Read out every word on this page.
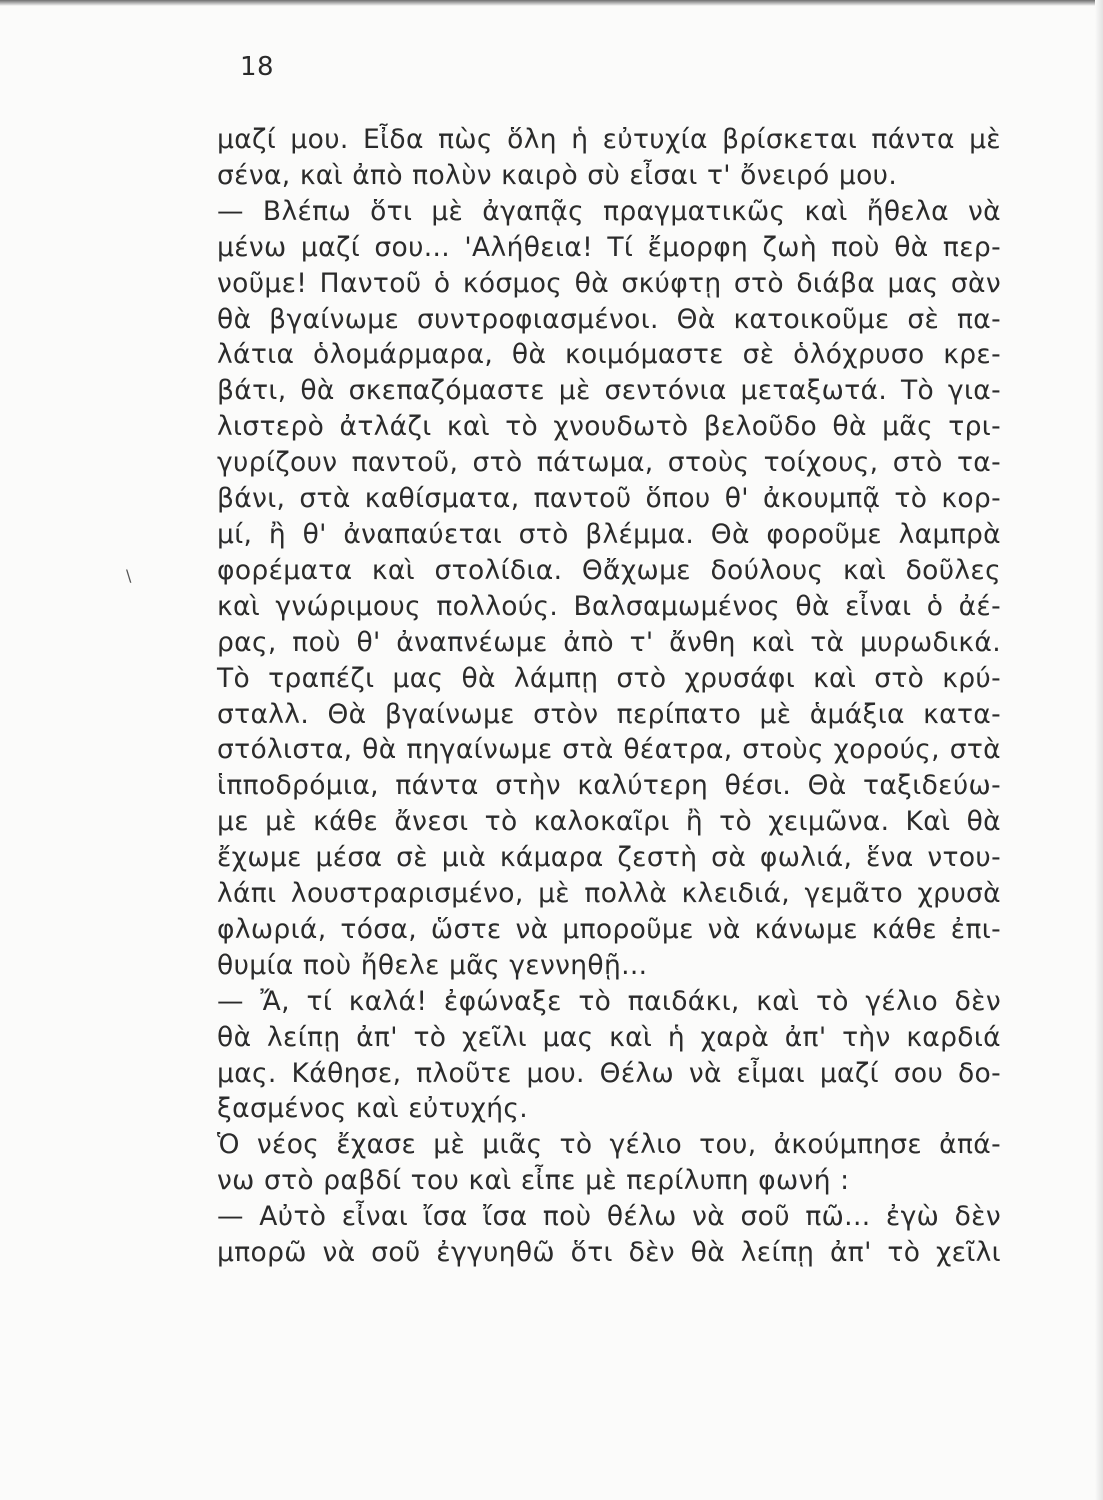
18
\
μαζί μου. Εἶδα πὼς ὅλη ἡ εὐτυχία βρίσκεται πάντα μὲ
σένα, καὶ ἀπὸ πολὺν καιρὸ σὺ εἶσαι τ' ὄνειρό μου.
— Βλέπω ὅτι μὲ ἀγαπᾷς πραγματικῶς καὶ ἤθελα νὰ
μένω μαζί σου... 'Αλήθεια! Τί ἔμορφη ζωὴ ποὺ θὰ περ-
νοῦμε! Παντοῦ ὁ κόσμος θὰ σκύφτῃ στὸ διάβα μας σὰν
θὰ βγαίνωμε συντροφιασμένοι. Θὰ κατοικοῦμε σὲ πα-
λάτια ὁλομάρμαρα, θὰ κοιμόμαστε σὲ ὁλόχρυσο κρε-
βάτι, θὰ σκεπαζόμαστε μὲ σεντόνια μεταξωτά. Τὸ για-
λιστερὸ ἀτλάζι καὶ τὸ χνουδωτὸ βελοῦδο θὰ μᾶς τρι-
γυρίζουν παντοῦ, στὸ πάτωμα, στοὺς τοίχους, στὸ τα-
βάνι, στὰ καθίσματα, παντοῦ ὅπου θ' ἀκουμπᾷ τὸ κορ-
μί, ἢ θ' ἀναπαύεται στὸ βλέμμα. Θὰ φοροῦμε λαμπρὰ
φορέματα καὶ στολίδια. Θἄχωμε δούλους καὶ δοῦλες
καὶ γνώριμους πολλούς. Βαλσαμωμένος θὰ εἶναι ὁ ἀέ-
ρας, ποὺ θ' ἀναπνέωμε ἀπὸ τ' ἄνθη καὶ τὰ μυρωδικά.
Τὸ τραπέζι μας θὰ λάμπῃ στὸ χρυσάφι καὶ στὸ κρύ-
σταλλ. Θὰ βγαίνωμε στὸν περίπατο μὲ ἁμάξια κατα-
στόλιστα, θὰ πηγαίνωμε στὰ θέατρα, στοὺς χορούς, στὰ
ἱπποδρόμια, πάντα στὴν καλύτερη θέσι. Θὰ ταξιδεύω-
με μὲ κάθε ἄνεσι τὸ καλοκαῖρι ἢ τὸ χειμῶνα. Καὶ θὰ
ἔχωμε μέσα σὲ μιὰ κάμαρα ζεστὴ σὰ φωλιά, ἕνα ντου-
λάπι λουστραρισμένο, μὲ πολλὰ κλειδιά, γεμᾶτο χρυσὰ
φλωριά, τόσα, ὥστε νὰ μποροῦμε νὰ κάνωμε κάθε ἐπι-
θυμία ποὺ ἤθελε μᾶς γεννηθῇ...
— Ἄ, τί καλά! ἐφώναξε τὸ παιδάκι, καὶ τὸ γέλιο δὲν
θὰ λείπῃ ἀπ' τὸ χεῖλι μας καὶ ἡ χαρὰ ἀπ' τὴν καρδιά
μας. Κάθησε, πλοῦτε μου. Θέλω νὰ εἶμαι μαζί σου δο-
ξασμένος καὶ εὐτυχής.
Ὁ νέος ἔχασε μὲ μιᾶς τὸ γέλιο του, ἀκούμπησε ἀπά-
νω στὸ ραβδί του καὶ εἶπε μὲ περίλυπη φωνή :
— Αὐτὸ εἶναι ἴσα ἴσα ποὺ θέλω νὰ σοῦ πῶ... ἐγὼ δὲν
μπορῶ νὰ σοῦ ἐγγυηθῶ ὅτι δὲν θὰ λείπῃ ἀπ' τὸ χεῖλι
